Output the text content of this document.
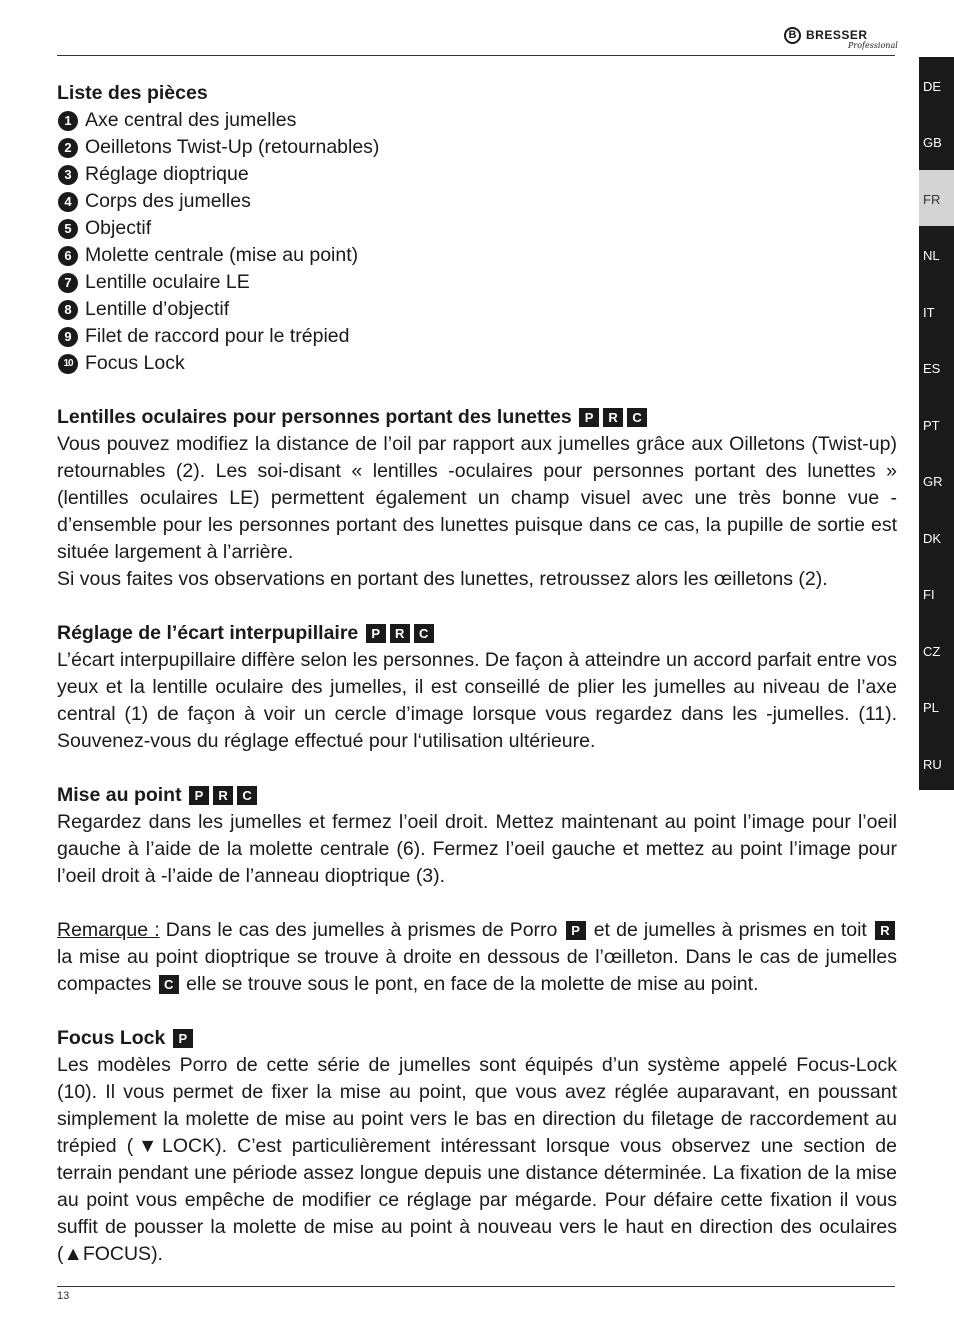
B BRESSER
Professional
DE
GB
FR
NL
IT
ES
PT
GR
DK
FI
CZ
PL
RU

Liste des pièces

1 Axe central des jumelles
2 Oeilletons Twist-Up (retournables)
3 Réglage dioptrique
4 Corps des jumelles
5 Objectif
6 Molette centrale (mise au point)
7 Lentille oculaire LE
8 Lentille d’objectif
9 Filet de raccord pour le trépied
10 Focus Lock

Lentilles oculaires pour personnes portant des lunettes P R C

Vous pouvez modifiez la distance de l’oil par rapport aux jumelles grâce aux Oilletons (Twist-up) retournables (2). Les soi-disant « lentilles -oculaires pour personnes portant des lunettes » (lentilles oculaires LE) permettent également un champ visuel avec une très bonne vue -d’ensemble pour les personnes portant des lunettes puisque dans ce cas, la pupille de sortie est située largement à l’arrière.

Si vous faites vos observations en portant des lunettes, retroussez alors les œilletons (2).

Réglage de l’écart interpupillaire P R C

L’écart interpupillaire diffère selon les personnes. De façon à atteindre un accord parfait entre vos yeux et la lentille oculaire des jumelles, il est conseillé de plier les jumelles au niveau de l’axe central (1) de façon à voir un cercle d’image lorsque vous regardez dans les -jumelles. (11). Souvenez-vous du réglage effectué pour l‘utilisation ultérieure.

Mise au point P R C

Regardez dans les jumelles et fermez l’oeil droit. Mettez maintenant au point l’image pour l’oeil gauche à l’aide de la molette centrale (6). Fermez l’oeil gauche et mettez au point l’image pour l’oeil droit à -l’aide de l’anneau dioptrique (3).

Remarque : Dans le cas des jumelles à prismes de Porro P et de jumelles à prismes en toit R la mise au point dioptrique se trouve à droite en dessous de l’œilleton. Dans le cas de jumelles compactes C elle se trouve sous le pont, en face de la molette de mise au point.

Focus Lock P

Les modèles Porro de cette série de jumelles sont équipés d’un système appelé Focus-Lock (10). Il vous permet de fixer la mise au point, que vous avez réglée auparavant, en poussant simplement la molette de mise au point vers le bas en direction du filetage de raccordement au trépied (▼LOCK). C’est particulièrement intéressant lorsque vous observez une section de terrain pendant une période assez longue depuis une distance déterminée. La fixation de la mise au point vous empêche de modifier ce réglage par mégarde. Pour défaire cette fixation il vous suffit de pousser la molette de mise au point à nouveau vers le haut en direction des oculaires (▲FOCUS).

13
